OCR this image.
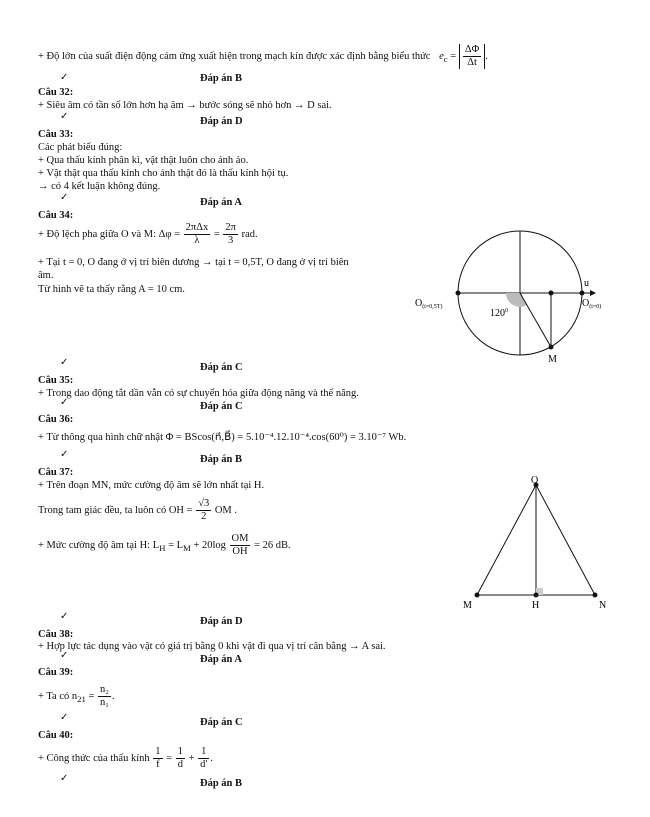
+ Độ lớn của suất điện động cảm ứng xuất hiện trong mạch kín được xác định bằng biểu thức $e_c = \frac{\Delta\Phi}{\Delta t}$ .
✓	Đáp án B
Câu 32:
+ Siêu âm có tần số lớn hơn hạ âm → bước sóng sẽ nhỏ hơn → D sai.
✓	Đáp án D
Câu 33:
Các phát biểu đúng:
+ Qua thấu kính phân kì, vật thật luôn cho ảnh ảo.
+ Vật thật qua thấu kính cho ảnh thật đó là thấu kính hội tụ.
→ có 4 kết luận không đúng.
✓	Đáp án A
Câu 34:
+ Độ lệch pha giữa O và M: $\Delta\varphi = \frac{\text{2πΔx}}{\lambda} = \frac{2\pi}{3}$ rad.
+ Tại t = 0, O đang ở vị trí biên dương → tại t = 0,5T, O đang ở vị trí biên
âm.
Từ hình vẽ ta thấy rằng A = 10 cm.
u
$O_{(t=0,5T)}$	$O_{(t=0)}$
$120^0$
M
✓	Đáp án C
Câu 35:
+ Trong dao động tắt dần vẫn có sự chuyển hóa giữa động năng và thế năng.
✓	Đáp án C
Câu 36:
+ Từ thông qua hình chữ nhật Φ = BScos(n⃗,B⃗) = 5.10⁻⁴.12.10⁻⁴.cos(60⁰) = 3.10⁻⁷ Wb.
✓	Đáp án B
Câu 37:
+ Trên đoạn MN, mức cường độ âm sẽ lớn nhất tại H.
Trong tam giác đều, ta luôn có OH = $\frac{√3}{2}$ OM .
+ Mức cường độ âm tại H: $L_H = L_M + 20\log \frac{OM}{OH} = 26$ dB.
O
M	H	N
✓	Đáp án D
Câu 38:
+ Hợp lực tác dụng vào vật có giá trị bằng 0 khi vật đi qua vị trí cân bằng → A sai.
✓	Đáp án A
Câu 39:
+ Ta có $n_{21} = \frac{\text{n₂}}{\text{n₁}}$ .
✓	Đáp án C
Câu 40:
+ Công thức của thấu kính $\frac{1}{f} = \frac{1}{d} + \frac{1}{d'}$ .
✓	Đáp án B
